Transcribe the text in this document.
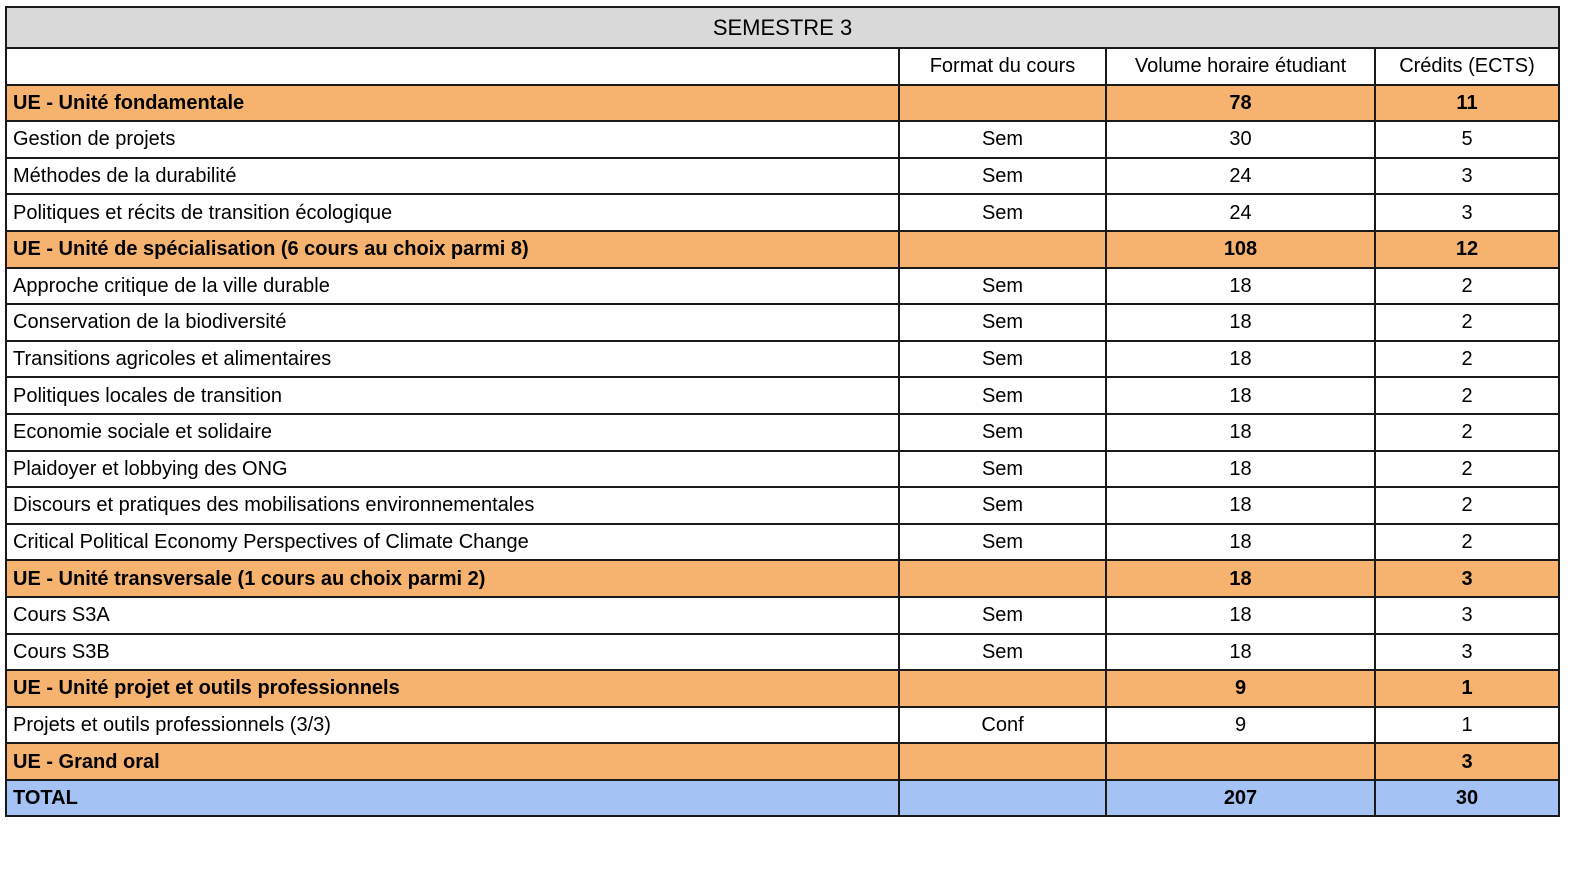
SEMESTRE 3			
	Format du cours	Volume horaire étudiant	Crédits (ECTS)
UE - Unité fondamentale		78	11
Gestion de projets	Sem	30	5
Méthodes de la durabilité	Sem	24	3
Politiques et récits de transition écologique	Sem	24	3
UE - Unité de spécialisation (6 cours au choix parmi 8)		108	12
Approche critique de la ville durable	Sem	18	2
Conservation de la biodiversité	Sem	18	2
Transitions agricoles et alimentaires	Sem	18	2
Politiques locales de transition	Sem	18	2
Economie sociale et solidaire	Sem	18	2
Plaidoyer et lobbying des ONG	Sem	18	2
Discours et pratiques des mobilisations environnementales	Sem	18	2
Critical Political Economy Perspectives of Climate Change	Sem	18	2
UE - Unité transversale (1 cours au choix parmi 2)		18	3
Cours S3A	Sem	18	3
Cours S3B	Sem	18	3
UE - Unité projet et outils professionnels		9	1
Projets et outils professionnels (3/3)	Conf	9	1
UE - Grand oral			3
TOTAL		207	30
